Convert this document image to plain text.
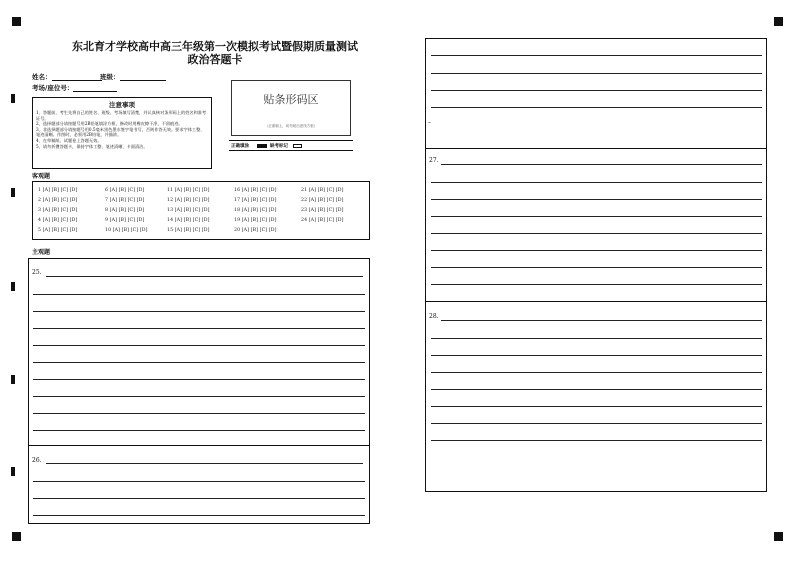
东北育才学校高中高三年级第一次模拟考试暨假期质量测试
政治答题卡
姓名：	班级：
考场/座位号：
注意事项

1、答题前，考生先将自己的姓名、班级、考场填写清楚，并认真核对条形码上的姓名和准考证号。

2、选择题部分请按题号用2B铅笔填涂方框，修改时用橡皮擦干净，不留痕迹。

3、非选择题部分请按题号用0.5毫米黑色墨水签字笔书写，否则作答无效。要求字体工整、笔迹清晰。作图时，必须用2B铅笔，并描浓。

4、在草稿纸、试题卷上答题无效。

5、请勿折叠答题卡，保持字体工整、笔迹清晰、卡面清洁。

贴条形码区
（正面朝上，切勿贴出虚线方框）
正确填涂	缺考标记
客观题
1 [A] [B] [C] [D]
2 [A] [B] [C] [D]
3 [A] [B] [C] [D]
4 [A] [B] [C] [D]
5 [A] [B] [C] [D]
6 [A] [B] [C] [D]
7 [A] [B] [C] [D]
8 [A] [B] [C] [D]
9 [A] [B] [C] [D]
10 [A] [B] [C] [D]
11 [A] [B] [C] [D]
12 [A] [B] [C] [D]
13 [A] [B] [C] [D]
14 [A] [B] [C] [D]
15 [A] [B] [C] [D]
16 [A] [B] [C] [D]
17 [A] [B] [C] [D]
18 [A] [B] [C] [D]
19 [A] [B] [C] [D]
20 [A] [B] [C] [D]
21 [A] [B] [C] [D]
22 [A] [B] [C] [D]
23 [A] [B] [C] [D]
24 [A] [B] [C] [D]
主观题
25.
26.
–
27.
28.
